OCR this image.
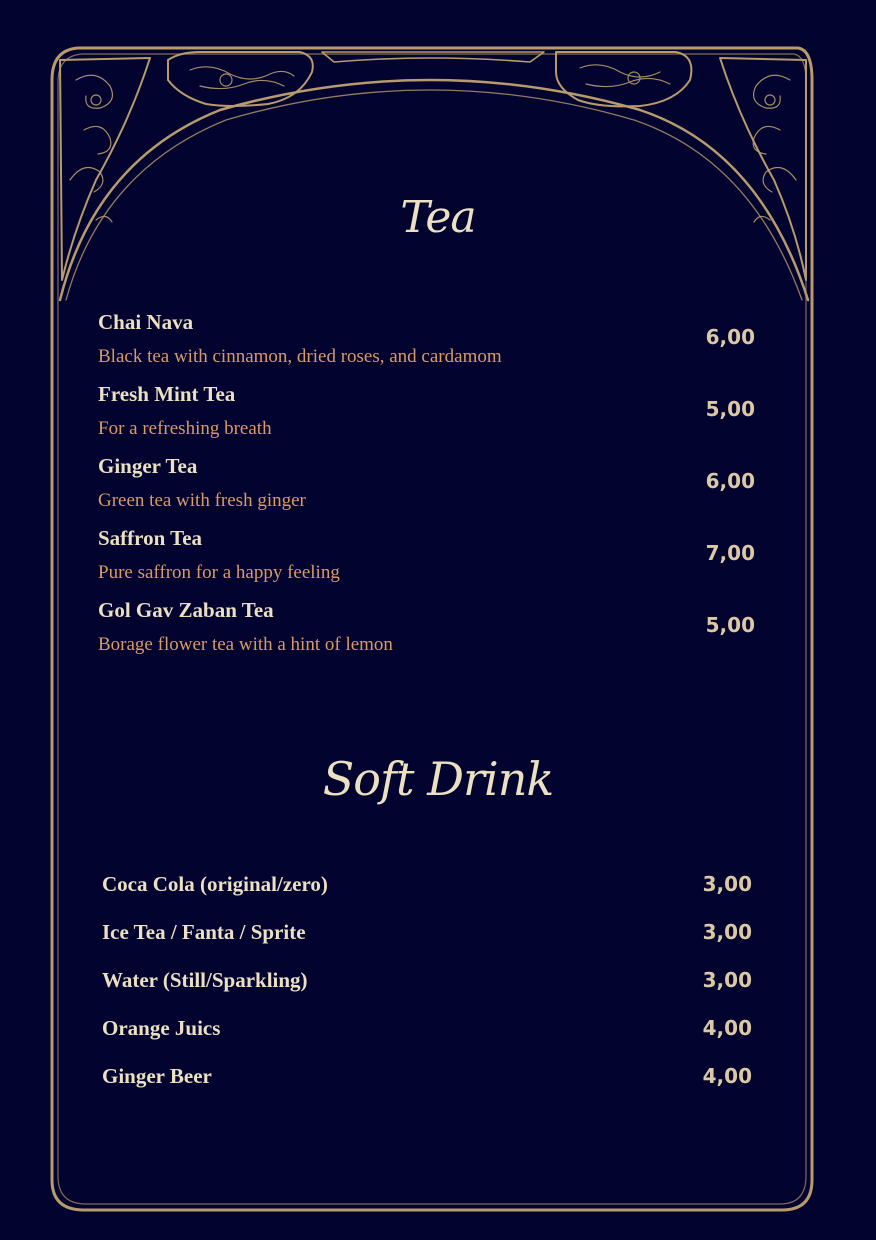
Tea
Chai Nava
Black tea with cinnamon, dried roses, and cardamom
6,00
Fresh Mint Tea
For a refreshing breath
5,00
Ginger Tea
Green tea with fresh ginger
6,00
Saffron Tea
Pure saffron for a happy feeling
7,00
Gol Gav Zaban Tea
Borage flower tea with a hint of lemon
5,00
Soft Drink
Coca Cola (original/zero)	3,00
Ice Tea / Fanta / Sprite	3,00
Water (Still/Sparkling)	3,00
Orange Juics	4,00
Ginger Beer	4,00
